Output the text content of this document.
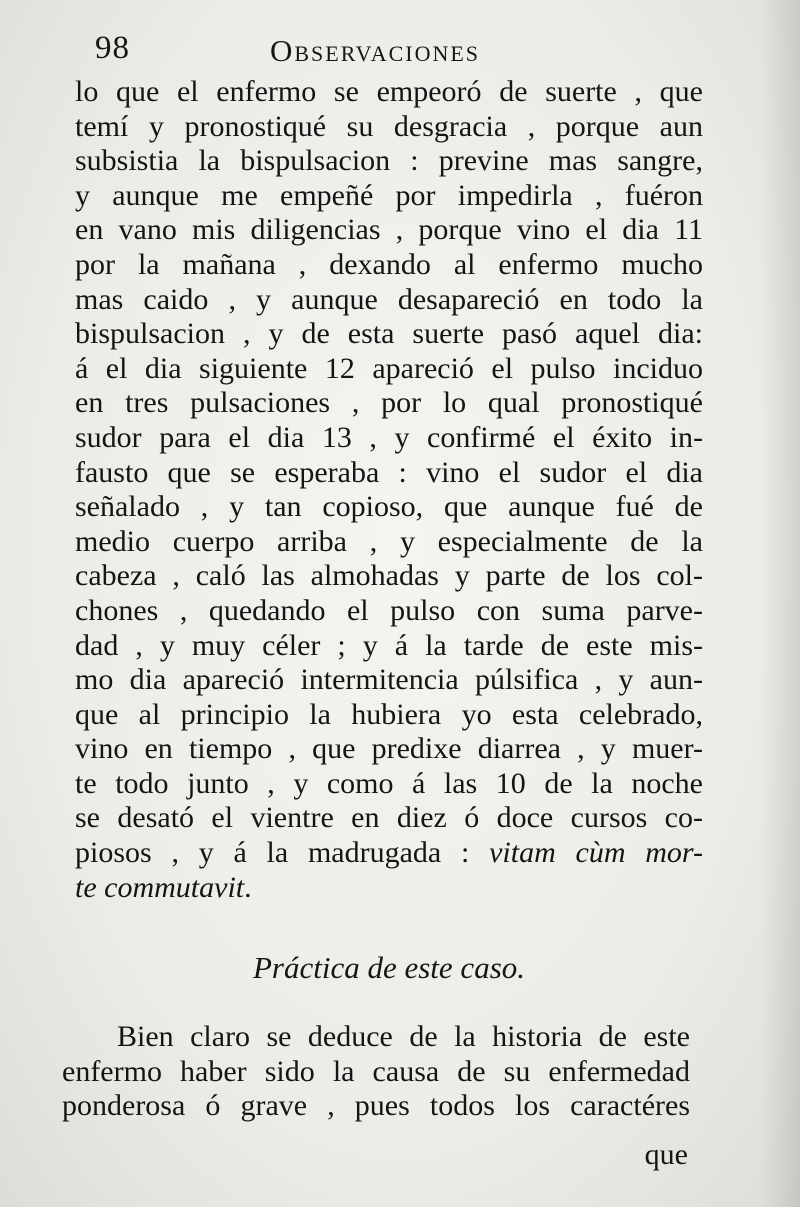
98	Observaciones

lo que el enfermo se empeoró de suerte , que

temí y pronostiqué su desgracia , porque aun

subsistia la bispulsacion : previne mas sangre,

y aunque me empeñé por impedirla , fuéron

en vano mis diligencias , porque vino el dia 11

por la mañana , dexando al enfermo mucho

mas caido , y aunque desapareció en todo la

bispulsacion , y de esta suerte pasó aquel dia:

á el dia siguiente 12 apareció el pulso inciduo

en tres pulsaciones , por lo qual pronostiqué

sudor para el dia 13 , y confirmé el éxito in-

fausto que se esperaba : vino el sudor el dia

señalado , y tan copioso, que aunque fué de

medio cuerpo arriba , y especialmente de la

cabeza , caló las almohadas y parte de los col-

chones , quedando el pulso con suma parve-

dad , y muy céler ; y á la tarde de este mis-

mo dia apareció intermitencia púlsifica , y aun-

que al principio la hubiera yo esta celebrado,

vino en tiempo , que predixe diarrea , y muer-

te todo junto , y como á las 10 de la noche

se desató el vientre en diez ó doce cursos co-

piosos , y á la madrugada : vitam cùm mor-

te commutavit.

Práctica de este caso.

Bien claro se deduce de la historia de este

enfermo haber sido la causa de su enfermedad

ponderosa ó grave , pues todos los caractéres

que
